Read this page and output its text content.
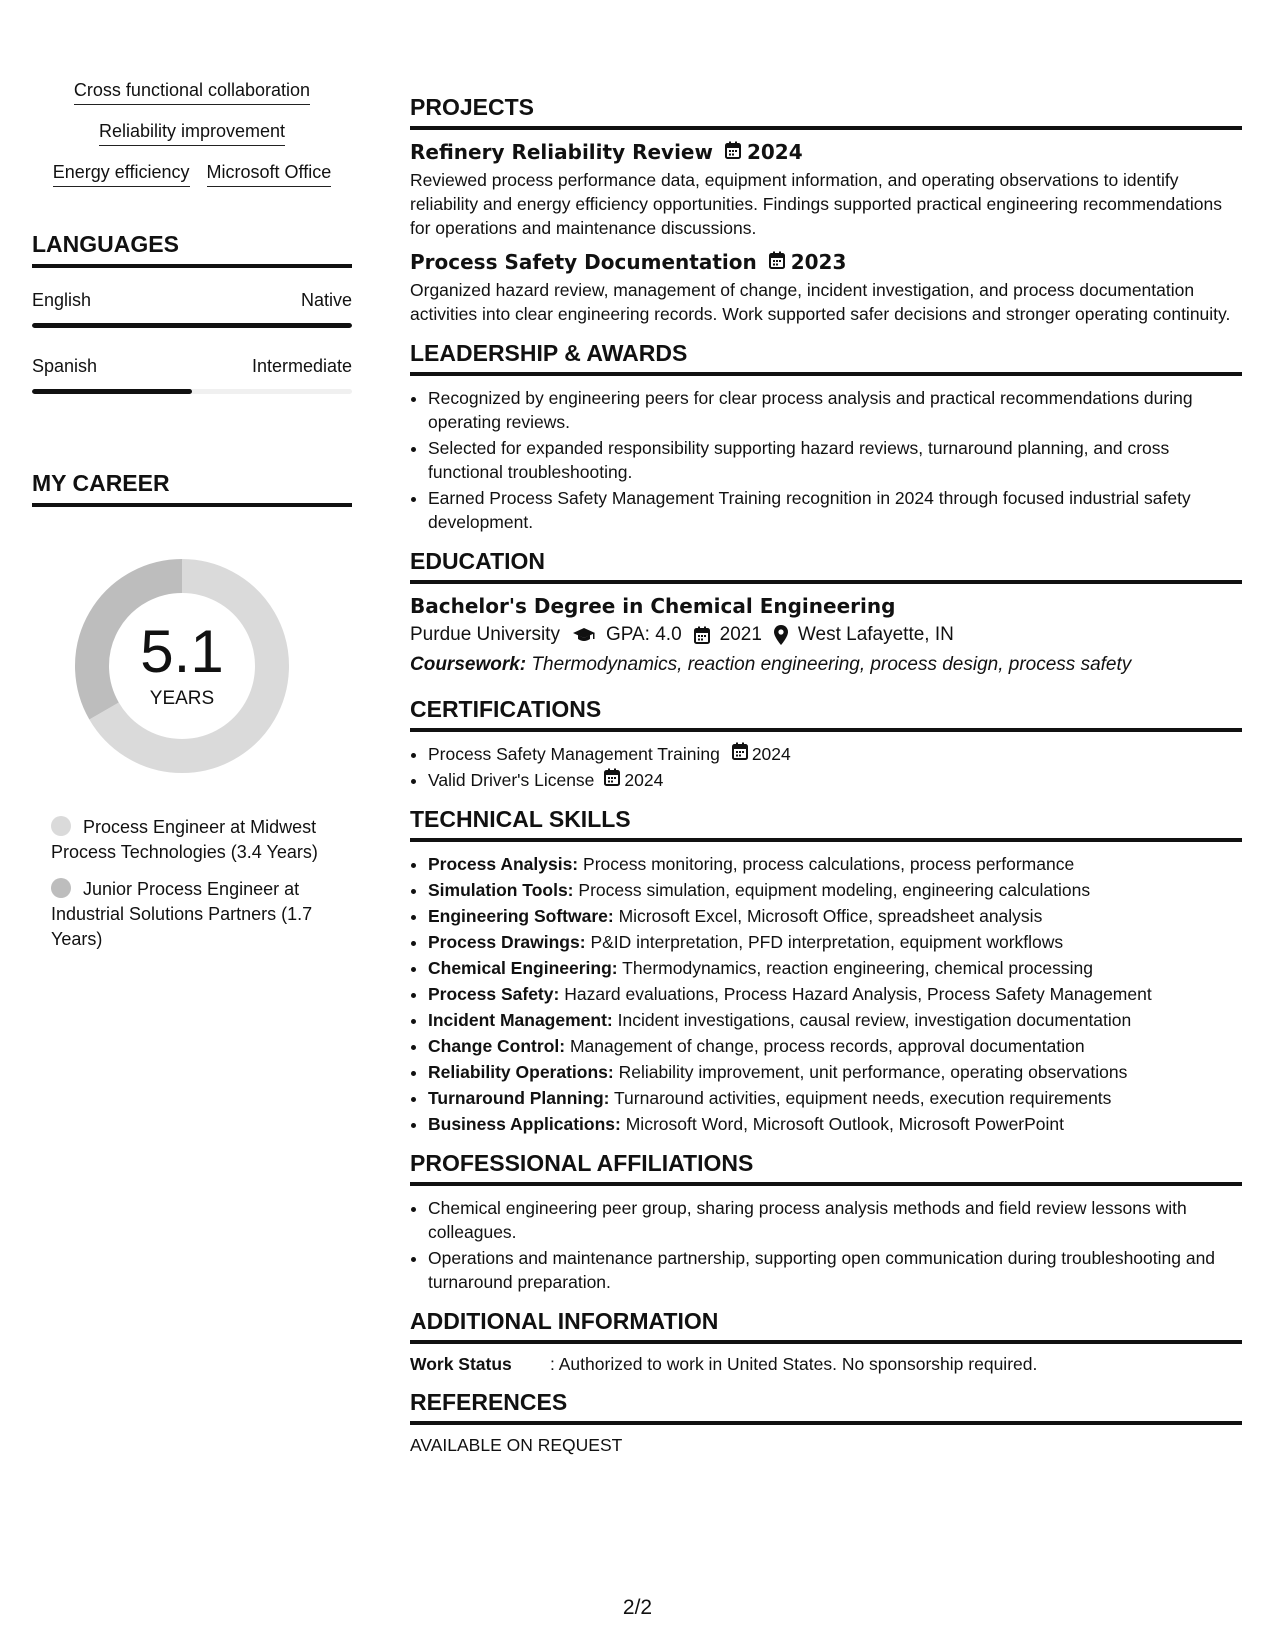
Cross functional collaboration
Reliability improvement
Energy efficiency Microsoft Office
LANGUAGES
English	Native
Spanish	Intermediate
MY CAREER
5.1
YEARS
Process Engineer at Midwest Process Technologies (3.4 Years)
Junior Process Engineer at Industrial Solutions Partners (1.7 Years)
PROJECTS
Refinery Reliability Review 2024
Reviewed process performance data, equipment information, and operating observations to identify reliability and energy efficiency opportunities. Findings supported practical engineering recommendations for operations and maintenance discussions.
Process Safety Documentation 2023
Organized hazard review, management of change, incident investigation, and process documentation activities into clear engineering records. Work supported safer decisions and stronger operating continuity.
LEADERSHIP & AWARDS
• Recognized by engineering peers for clear process analysis and practical recommendations during operating reviews.
• Selected for expanded responsibility supporting hazard reviews, turnaround planning, and cross functional troubleshooting.
• Earned Process Safety Management Training recognition in 2024 through focused industrial safety development.
EDUCATION
Bachelor's Degree in Chemical Engineering
Purdue University GPA: 4.0 2021 West Lafayette, IN
Coursework: Thermodynamics, reaction engineering, process design, process safety
CERTIFICATIONS
• Process Safety Management Training 2024
• Valid Driver's License 2024
TECHNICAL SKILLS
• Process Analysis: Process monitoring, process calculations, process performance
• Simulation Tools: Process simulation, equipment modeling, engineering calculations
• Engineering Software: Microsoft Excel, Microsoft Office, spreadsheet analysis
• Process Drawings: P&ID interpretation, PFD interpretation, equipment workflows
• Chemical Engineering: Thermodynamics, reaction engineering, chemical processing
• Process Safety: Hazard evaluations, Process Hazard Analysis, Process Safety Management
• Incident Management: Incident investigations, causal review, investigation documentation
• Change Control: Management of change, process records, approval documentation
• Reliability Operations: Reliability improvement, unit performance, operating observations
• Turnaround Planning: Turnaround activities, equipment needs, execution requirements
• Business Applications: Microsoft Word, Microsoft Outlook, Microsoft PowerPoint
PROFESSIONAL AFFILIATIONS
• Chemical engineering peer group, sharing process analysis methods and field review lessons with colleagues.
• Operations and maintenance partnership, supporting open communication during troubleshooting and turnaround preparation.
ADDITIONAL INFORMATION
Work Status	: Authorized to work in United States. No sponsorship required.
REFERENCES
AVAILABLE ON REQUEST
2/2
